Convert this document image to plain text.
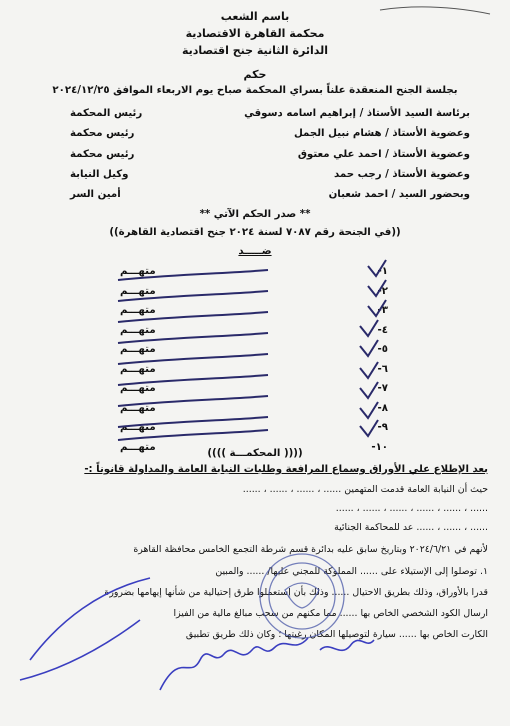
باسم الشعب
محكمة القاهرة الاقتصادية
الدائرة الثانية جنح اقتصادية
حكم
بجلسة الجنح المنعقدة علناً بسراي المحكمة صباح يوم الاربعاء الموافق ٢٠٢٤/١٢/٢٥
برئاسة السيد الأستاذ / إبراهيم اسامه دسوقي
رئيس المحكمة
وعضوية الأستاذ / هشام نبيل الجمل
رئيس محكمة
وعضوية الأستاذ / احمد علي معتوق
رئيس محكمة
وعضوية الأستاذ / رجب حمد
وكيل النيابة
وبحضور السيد / احمد شعبان
أمين السر
** صدر الحكم الآتي **
((في الجنحة رقم ٧٠٨٧ لسنة ٢٠٢٤ جنح اقتصادية القاهرة))
ضـــــد
١-
متهـــم
٢-
متهـــم
٣-
متهـــم
٤-
متهـــم
٥-
متهـــم
٦-
متهـــم
٧-
متهـــم
٨-
متهـــم
٩-
متهـــم
١٠-
متهـــم
(((( المحكمـــة ))))
بعد الإطلاع علي الأوراق وسماع المرافعة وطلبات النيابة العامة والمداولة قانوناً :-
حيث أن النيابة العامة قدمت المتهمين ...... ، ...... ، ...... ، ......
...... ، ...... ، ...... ، ...... ، ...... ، ......
...... ، ...... ، ...... عد للمحاكمة الجنائية
لأنهم في ٢٠٢٤/٦/٢١ وبتاريخ سابق عليه بدائرة قسم شرطة التجمع الخامس محافظة القاهرة
١. توصلوا إلى الإستيلاء على ...... المملوكة للمجني عليها/ ...... والمبين
قدرا بالأوراق، وذلك بطريق الاحتيال ...... وذلك بأن إستعملوا طرق إحتيالية من شأنها إيهامها بضرورة
ارسال الكود الشخصي الخاص بها ...... مما مكنهم من سحب مبالغ مالية من الفيزا
الكارت الخاص بها ...... سيارة لتوصيلها المكان رغبتها ؛ وكان ذلك طريق تطبيق
